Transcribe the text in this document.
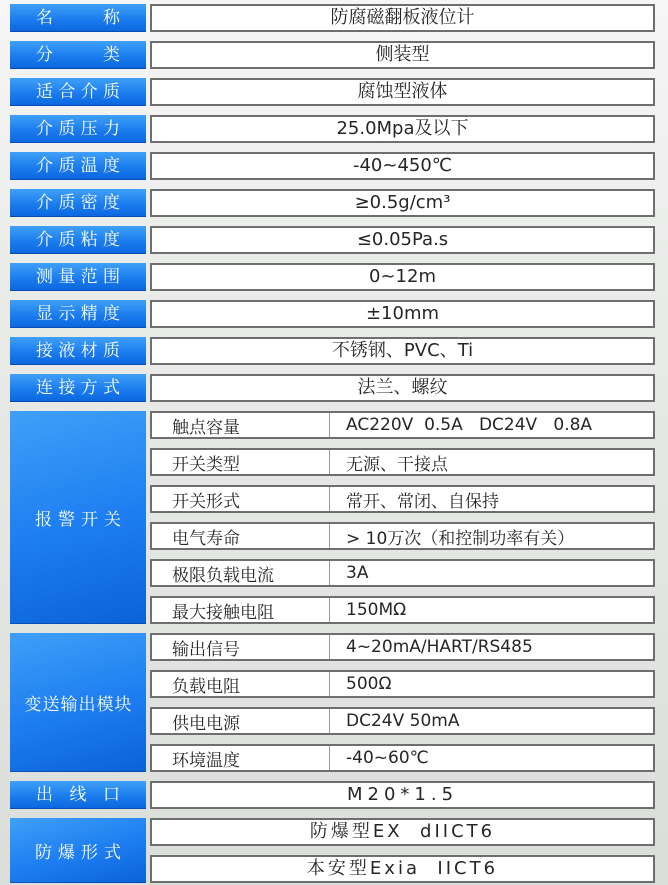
名称	防腐磁翻板液位计
分类	侧装型
适合介质	腐蚀型液体
介质压力	25.0Mpa及以下
介质温度	-40~450℃
介质密度	≥0.5g/cm³
介质粘度	≤0.05Pa.s
测量范围	0~12m
显示精度	±10mm
接液材质	不锈钢、PVC、Ti
连接方式	法兰、螺纹
报警开关
触点容量	AC220V  0.5A   DC24V   0.8A
开关类型	无源、干接点
开关形式	常开、常闭、自保持
电气寿命	> 10万次（和控制功率有关）
极限负载电流	3A
最大接触电阻	150MΩ
变送输出模块
输出信号	4~20mA/HART/RS485
负载电阻	500Ω
供电电源	DC24V 50mA
环境温度	-40~60℃
出线口	M20*1.5
防爆形式
防爆型EX  dIICT6
本安型Exia  IICT6
